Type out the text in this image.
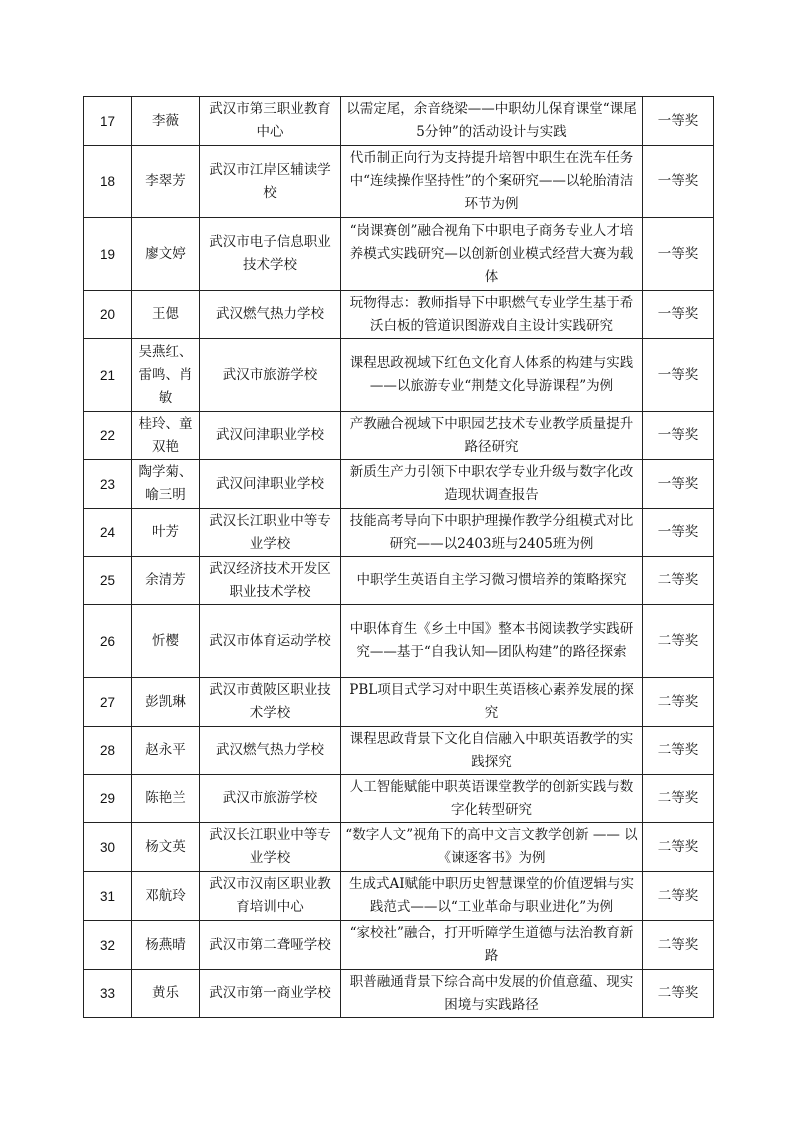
17	李薇	武汉市第三职业教育中心	以需定尾，余音绕梁——中职幼儿保育课堂“课尾5分钟”的活动设计与实践	一等奖
18	李翠芳	武汉市江岸区辅读学校	代币制正向行为支持提升培智中职生在洗车任务中“连续操作坚持性”的个案研究——以轮胎清洁环节为例	一等奖
19	廖文婷	武汉市电子信息职业技术学校	“岗课赛创”融合视角下中职电子商务专业人才培养模式实践研究—以创新创业模式经营大赛为载体	一等奖
20	王偲	武汉燃气热力学校	玩物得志：教师指导下中职燃气专业学生基于希沃白板的管道识图游戏自主设计实践研究	一等奖
21	吴燕红、雷鸣、肖敏	武汉市旅游学校	课程思政视域下红色文化育人体系的构建与实践——以旅游专业“荆楚文化导游课程”为例	一等奖
22	桂玲、童双艳	武汉问津职业学校	产教融合视域下中职园艺技术专业教学质量提升路径研究	一等奖
23	陶学菊、喻三明	武汉问津职业学校	新质生产力引领下中职农学专业升级与数字化改造现状调查报告	一等奖
24	叶芳	武汉长江职业中等专业学校	技能高考导向下中职护理操作教学分组模式对比研究——以2403班与2405班为例	一等奖
25	余清芳	武汉经济技术开发区职业技术学校	中职学生英语自主学习微习惯培养的策略探究	二等奖
26	忻樱	武汉市体育运动学校	中职体育生《乡土中国》整本书阅读教学实践研究——基于“自我认知—团队构建”的路径探索	二等奖
27	彭凯琳	武汉市黄陂区职业技术学校	PBL项目式学习对中职生英语核心素养发展的探究	二等奖
28	赵永平	武汉燃气热力学校	课程思政背景下文化自信融入中职英语教学的实践探究	二等奖
29	陈艳兰	武汉市旅游学校	人工智能赋能中职英语课堂教学的创新实践与数字化转型研究	二等奖
30	杨文英	武汉长江职业中等专业学校	“数字人文”视角下的高中文言文教学创新 —— 以《谏逐客书》为例	二等奖
31	邓航玲	武汉市汉南区职业教育培训中心	生成式AI赋能中职历史智慧课堂的价值逻辑与实践范式——以“工业革命与职业进化”为例	二等奖
32	杨燕晴	武汉市第二聋哑学校	“家校社”融合，打开听障学生道德与法治教育新路	二等奖
33	黄乐	武汉市第一商业学校	职普融通背景下综合高中发展的价值意蕴、现实困境与实践路径	二等奖
